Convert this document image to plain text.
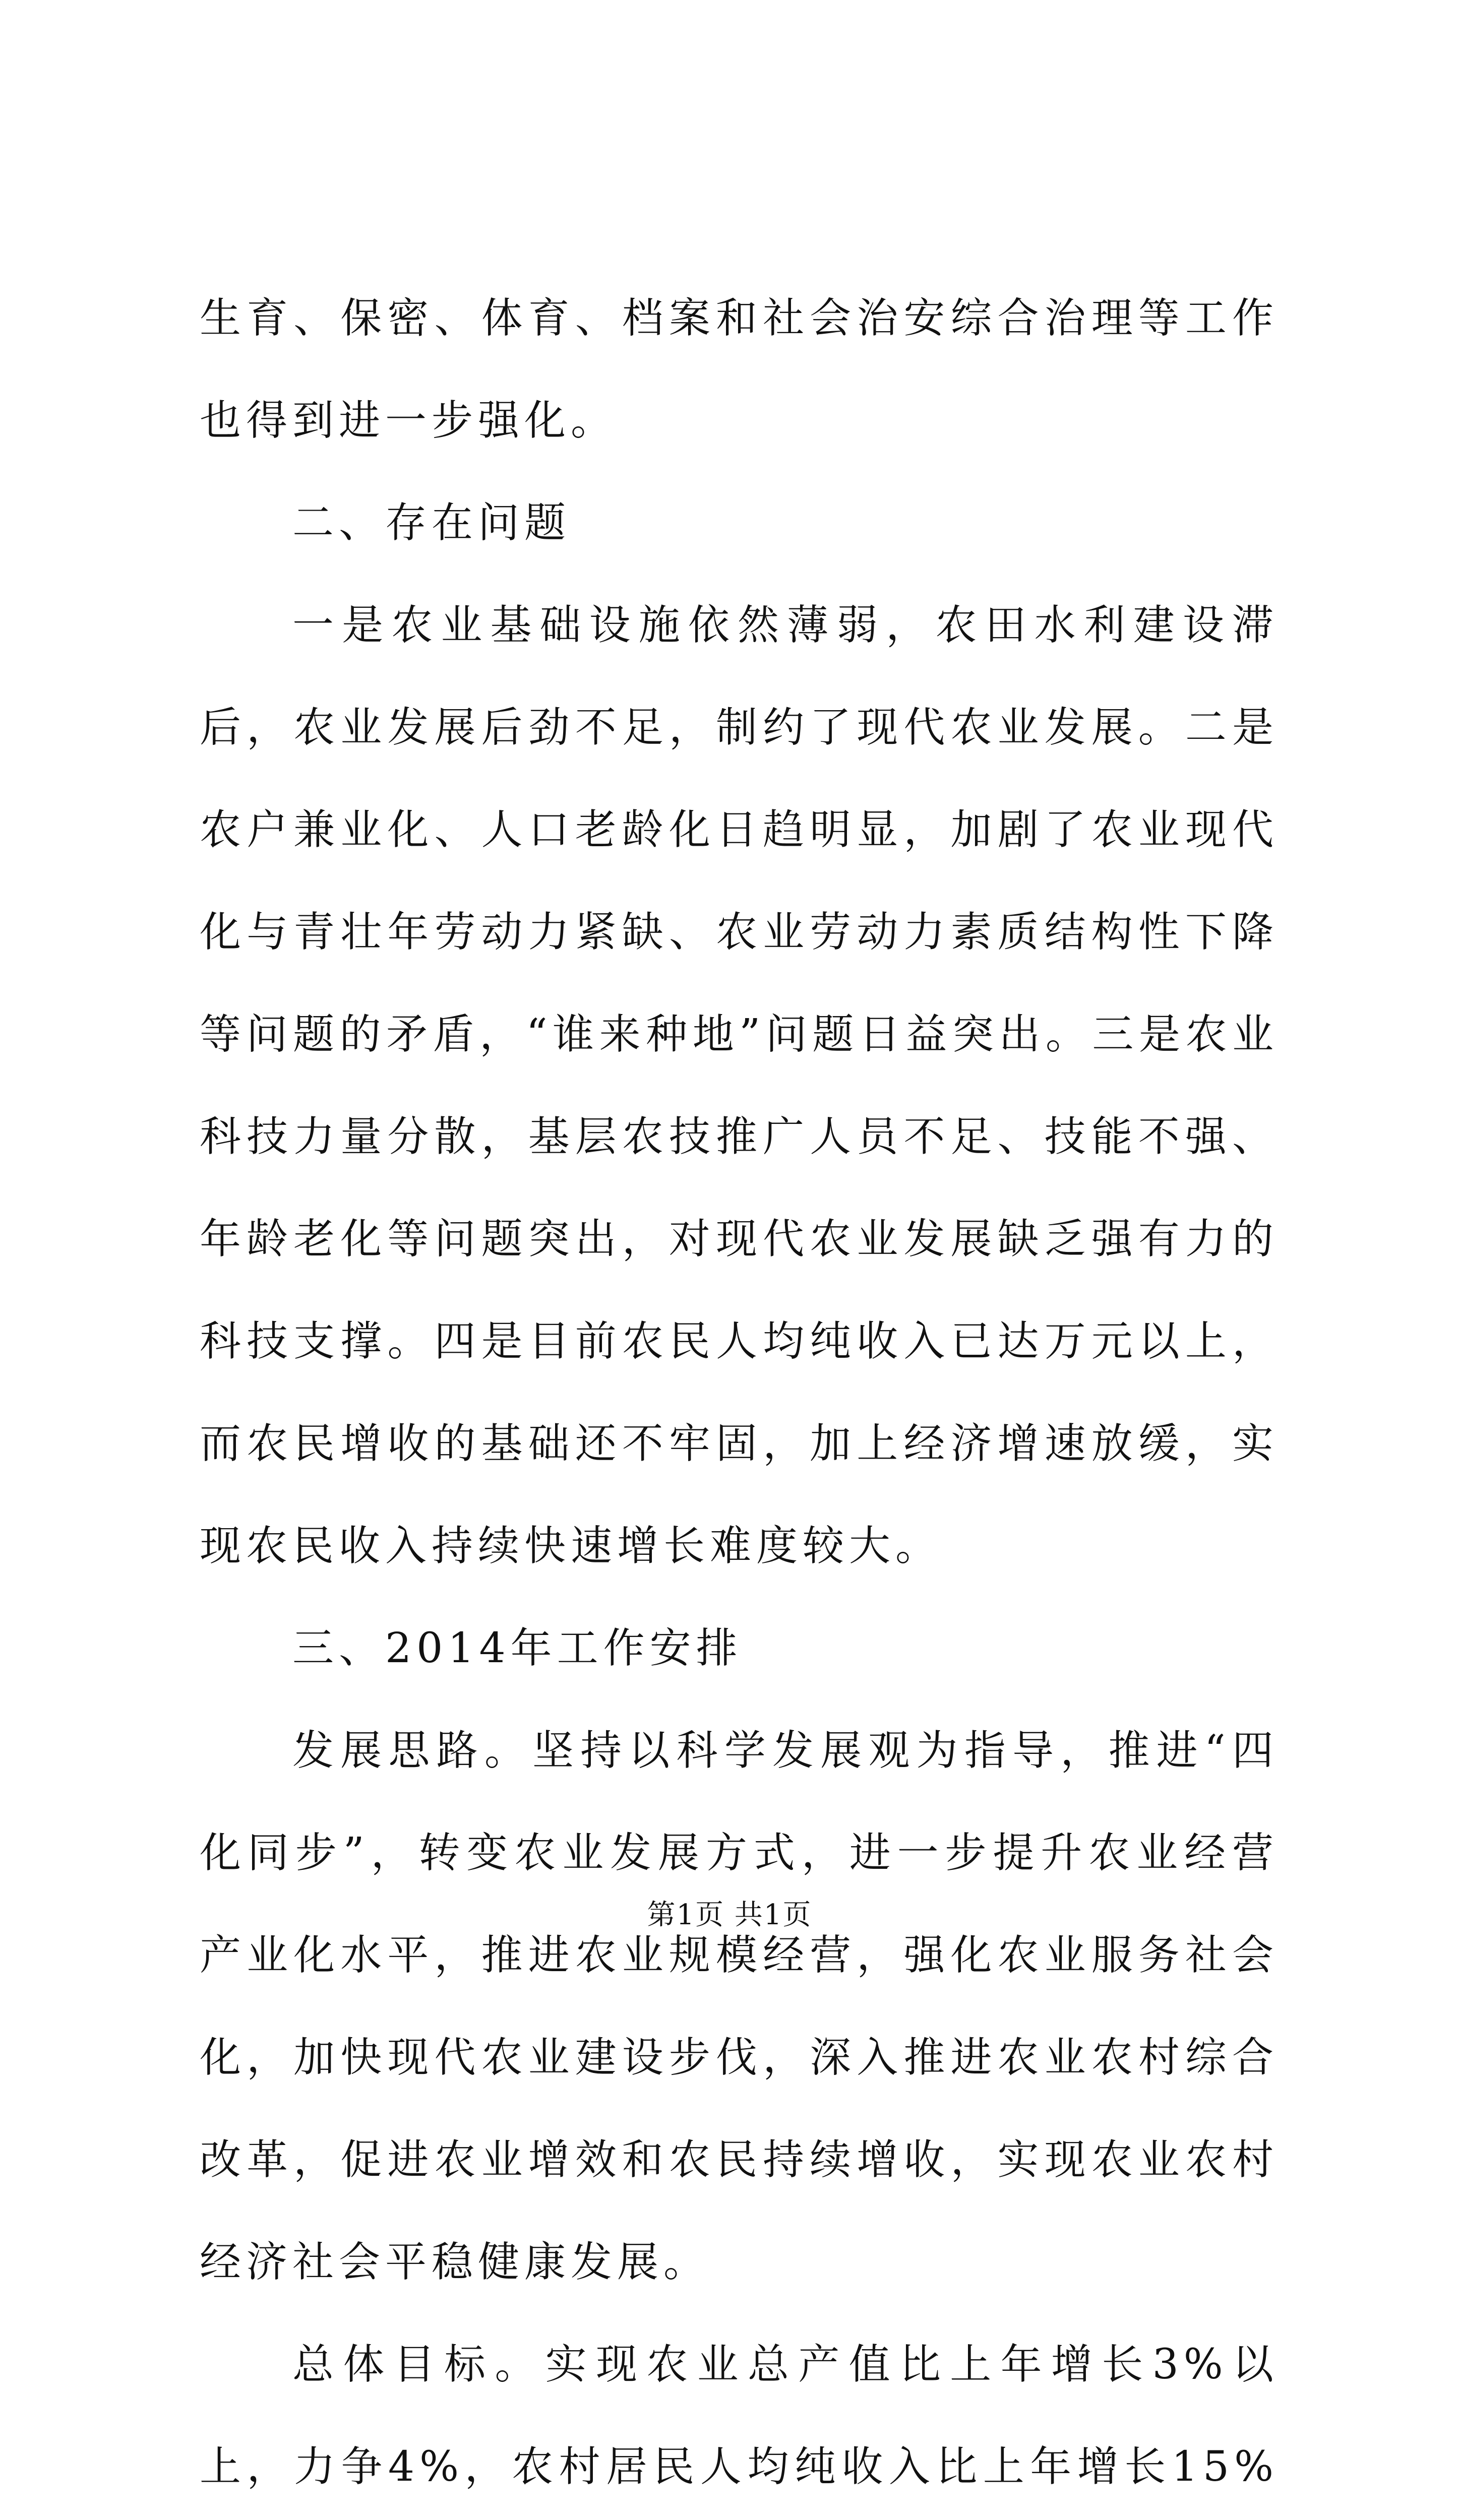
生育、保密、体育、档案和社会治安综合治理等工作也得到进一步强化。

二、存在问题

一是农业基础设施依然薄弱，农田水利建设滞后，农业发展后劲不足，制约了现代农业发展。二是农户兼业化、人口老龄化日趋明显，加剧了农业现代化与青壮年劳动力紧缺、农业劳动力素质结构性下降等问题的矛盾，“谁来种地”问题日益突出。三是农业科技力量分散，基层农技推广人员不足、技能不强、年龄老化等问题突出，对现代农业发展缺乏强有力的科技支撑。四是目前农民人均纯收入已达万元以上，而农民增收的基础还不牢固，加上经济增速放缓，实现农民收入持续快速增长难度较大。

三、2014年工作安排

发展思路。坚持以科学发展观为指导，推进“四化同步”，转变农业发展方式，进一步提升农业经营产业化水平，推进农业规模经营，强化农业服务社会化，加快现代农业建设步伐，深入推进农业农村综合改革，促进农业增效和农民持续增收，实现农业农村经济社会平稳健康发展。

总体目标。实现农业总产值比上年增长3%以上，力争4%，农村居民人均纯收入比上年增长15%

第1页 共1页
